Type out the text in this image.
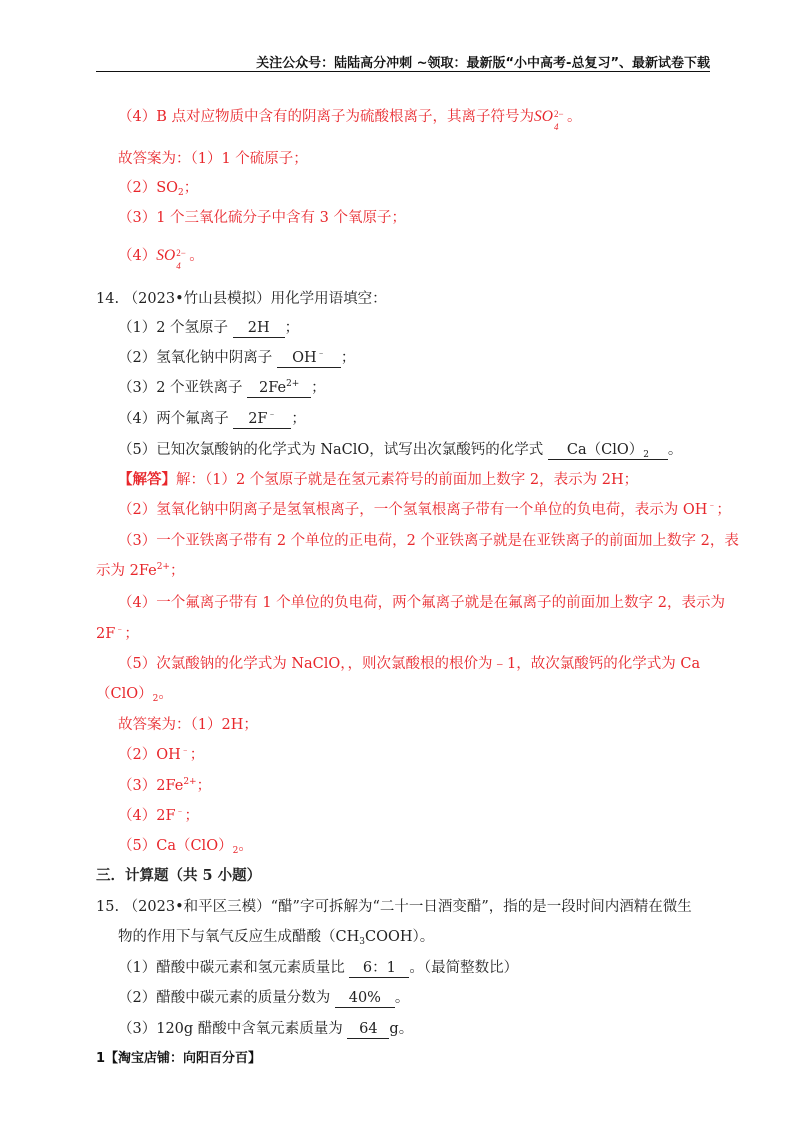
关注公众号：陆陆高分冲刺 ~领取：最新版“小中高考-总复习”、最新试卷下载
（4）B 点对应物质中含有的阴离子为硫酸根离子，其离子符号为SO 2−
4
。
故答案为：（1）1 个硫原子；
$(2)SO_2$；
（3）1 个三氧化硫分子中含有 3 个氧原子；
（4）SO 2−
4
。
14. （2023•竹山县模拟）用化学用语填空：
（1）2 个氢原子 2H ；
（2）氢氧化钠中阴离子 OH﹣ ；
（3）2 个亚铁离子 $2Fe^{2+}$ ；
（4）两个氟离子 2F﹣ ；
（5）已知次氯酸钠的化学式为 NaClO，试写出次氯酸钙的化学式 $Ca(ClO)_2$ 。
【解答】解：（1）2 个氢原子就是在氢元素符号的前面加上数字 2，表示为 2H；
（2）氢氧化钠中阴离子是氢氧根离子，一个氢氧根离子带有一个单位的负电荷，表示为 OH﹣；
（3）一个亚铁离子带有 2 个单位的正电荷，2 个亚铁离子就是在亚铁离子的前面加上数字 2，表
示为 $2Fe^{2+}$；
（4）一个氟离子带有 1 个单位的负电荷，两个氟离子就是在氟离子的前面加上数字 2，表示为
2F﹣；
（5）次氯酸钠的化学式为 NaClO，，则次氯酸根的根价为﹣1，故次氯酸钙的化学式为 Ca
$(ClO)_2$。
故答案为：（1）2H；
（2）OH﹣；
$(3)2Fe^{2+}$；
（4）2F﹣；
$(5)Ca(ClO)_2$。
三．计算题（共 5 小题）
15. （2023•和平区三模）“醋”字可拆解为“二十一日酒变醋”，指的是一段时间内酒精在微生
物的作用下与氧气反应生成醋酸$(CH_3COOH)$。
（1）醋酸中碳元素和氢元素质量比 6：1 。（最简整数比）
（2）醋酸中碳元素的质量分数为 40% 。
（3）120g 醋酸中含氧元素质量为 64 g。
1【淘宝店铺：向阳百分百】
